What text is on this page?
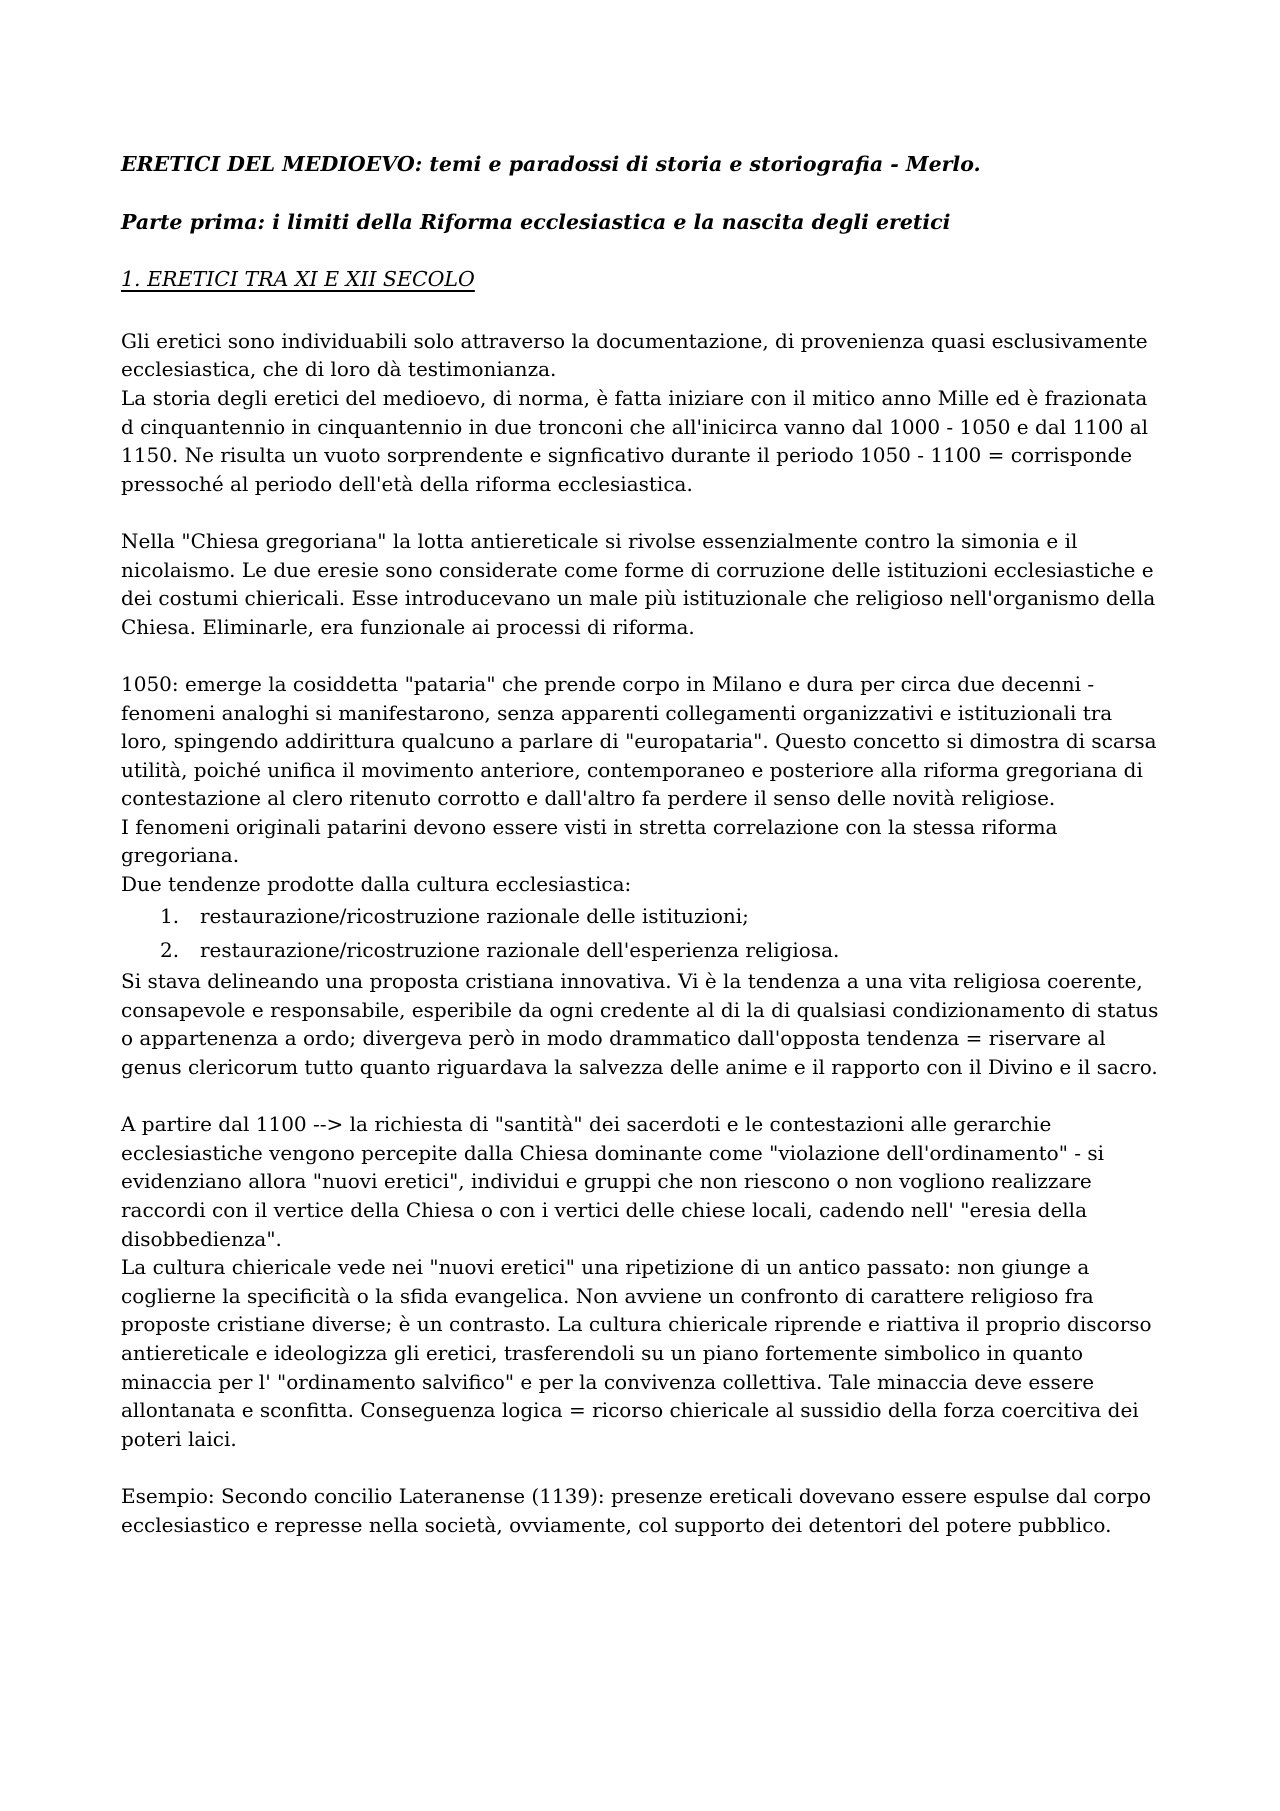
ERETICI DEL MEDIOEVO: temi e paradossi di storia e storiografia - Merlo.

Parte prima: i limiti della Riforma ecclesiastica e la nascita degli eretici

1. ERETICI TRA XI E XII SECOLO

Gli eretici sono individuabili solo attraverso la documentazione, di provenienza quasi esclusivamente ecclesiastica, che di loro dà testimonianza.

La storia degli eretici del medioevo, di norma, è fatta iniziare con il mitico anno Mille ed è frazionata d cinquantennio in cinquantennio in due tronconi che all'inicirca vanno dal 1000 - 1050 e dal 1100 al 1150. Ne risulta un vuoto sorprendente e signficativo durante il periodo 1050 - 1100 = corrisponde pressoché al periodo dell'età della riforma ecclesiastica.

Nella "Chiesa gregoriana" la lotta antiereticale si rivolse essenzialmente contro la simonia e il nicolaismo. Le due eresie sono considerate come forme di corruzione delle istituzioni ecclesiastiche e dei costumi chiericali. Esse introducevano un male più istituzionale che religioso nell'organismo della Chiesa. Eliminarle, era funzionale ai processi di riforma.

1050: emerge la cosiddetta "pataria" che prende corpo in Milano e dura per circa due decenni - fenomeni analoghi si manifestarono, senza apparenti collegamenti organizzativi e istituzionali tra loro, spingendo addirittura qualcuno a parlare di "europataria". Questo concetto si dimostra di scarsa utilità, poiché unifica il movimento anteriore, contemporaneo e posteriore alla riforma gregoriana di contestazione al clero ritenuto corrotto e dall'altro fa perdere il senso delle novità religiose.

I fenomeni originali patarini devono essere visti in stretta correlazione con la stessa riforma gregoriana.

Due tendenze prodotte dalla cultura ecclesiastica:

1. restaurazione/ricostruzione razionale delle istituzioni;
2. restaurazione/ricostruzione razionale dell'esperienza religiosa.

Si stava delineando una proposta cristiana innovativa. Vi è la tendenza a una vita religiosa coerente, consapevole e responsabile, esperibile da ogni credente al di la di qualsiasi condizionamento di status o appartenenza a ordo; divergeva però in modo drammatico dall'opposta tendenza = riservare al genus clericorum tutto quanto riguardava la salvezza delle anime e il rapporto con il Divino e il sacro.

A partire dal 1100 --> la richiesta di "santità" dei sacerdoti e le contestazioni alle gerarchie ecclesiastiche vengono percepite dalla Chiesa dominante come "violazione dell'ordinamento" - si evidenziano allora "nuovi eretici", individui e gruppi che non riescono o non vogliono realizzare raccordi con il vertice della Chiesa o con i vertici delle chiese locali, cadendo nell' "eresia della disobbedienza".

La cultura chiericale vede nei "nuovi eretici" una ripetizione di un antico passato: non giunge a coglierne la specificità o la sfida evangelica. Non avviene un confronto di carattere religioso fra proposte cristiane diverse; è un contrasto. La cultura chiericale riprende e riattiva il proprio discorso antiereticale e ideologizza gli eretici, trasferendoli su un piano fortemente simbolico in quanto minaccia per l' "ordinamento salvifico" e per la convivenza collettiva. Tale minaccia deve essere allontanata e sconfitta. Conseguenza logica = ricorso chiericale al sussidio della forza coercitiva dei poteri laici.

Esempio: Secondo concilio Lateranense (1139): presenze ereticali dovevano essere espulse dal corpo ecclesiastico e represse nella società, ovviamente, col supporto dei detentori del potere pubblico.
